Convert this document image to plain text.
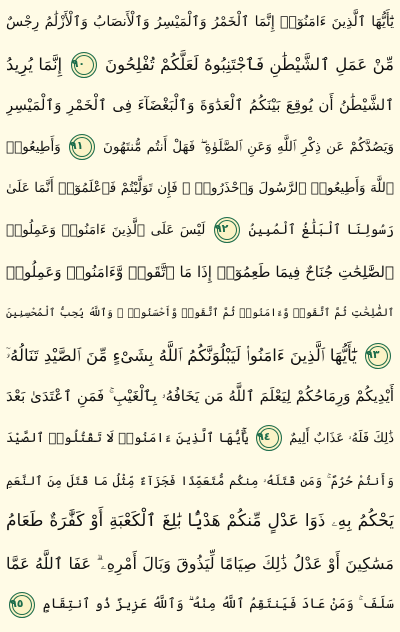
يَٰٓأَيُّهَا ٱلَّذِينَ ءَامَنُوٓا۟ إِنَّمَا ٱلْخَمْرُ وَٱلْمَيْسِرُ وَٱلْأَنصَابُ وَٱلْأَزْلَٰمُ رِجْسٌ
مِّنْ عَمَلِ ٱلشَّيْطَٰنِ فَٱجْتَنِبُوهُ لَعَلَّكُمْ تُفْلِحُونَ ٩٠ إِنَّمَا يُرِيدُ
ٱلشَّيْطَٰنُ أَن يُوقِعَ بَيْنَكُمُ ٱلْعَدَٰوَةَ وَٱلْبَغْضَآءَ فِى ٱلْخَمْرِ وَٱلْمَيْسِرِ
وَيَصُدَّكُمْ عَن ذِكْرِ ٱللَّهِ وَعَنِ ٱلصَّلَوٰةِ ۖ فَهَلْ أَنتُم مُّنتَهُونَ ٩١ وَأَطِيعُوا۟
ٱللَّهَ وَأَطِيعُوا۟ ٱلرَّسُولَ وَٱحْذَرُوا۟ ۚ فَإِن تَوَلَّيْتُمْ فَٱعْلَمُوٓا۟ أَنَّمَا عَلَىٰ
رَسُولِنَا ٱلْبَلَٰغُ ٱلْمُبِينُ ٩٢ لَيْسَ عَلَى ٱلَّذِينَ ءَامَنُوا۟ وَعَمِلُوا۟
ٱلصَّٰلِحَٰتِ جُنَاحٌ فِيمَا طَعِمُوٓا۟ إِذَا مَا ٱتَّقَوا۟ وَّءَامَنُوا۟ وَعَمِلُوا۟
ٱلصَّٰلِحَٰتِ ثُمَّ ٱتَّقَوا۟ وَّءَامَنُوا۟ ثُمَّ ٱتَّقَوا۟ وَّأَحْسَنُوا۟ ۗ وَٱللَّهُ يُحِبُّ ٱلْمُحْسِنِينَ
٩٣ يَٰٓأَيُّهَا ٱلَّذِينَ ءَامَنُوا۟ لَيَبْلُوَنَّكُمُ ٱللَّهُ بِشَىْءٍ مِّنَ ٱلصَّيْدِ تَنَالُهُۥٓ
أَيْدِيكُمْ وَرِمَاحُكُمْ لِيَعْلَمَ ٱللَّهُ مَن يَخَافُهُۥ بِٱلْغَيْبِ ۚ فَمَنِ ٱعْتَدَىٰ بَعْدَ
ذَٰلِكَ فَلَهُۥ عَذَابٌ أَلِيمٌ ٩٤ يَٰٓأَيُّهَا ٱلَّذِينَ ءَامَنُوا۟ لَا تَقْتُلُوا۟ ٱلصَّيْدَ
وَأَنتُمْ حُرُمٌ ۚ وَمَن قَتَلَهُۥ مِنكُم مُّتَعَمِّدًا فَجَزَآءٌ مِّثْلُ مَا قَتَلَ مِنَ ٱلنَّعَمِ
يَحْكُمُ بِهِۦ ذَوَا عَدْلٍ مِّنكُمْ هَدْيًۢا بَٰلِغَ ٱلْكَعْبَةِ أَوْ كَفَّٰرَةٌ طَعَامُ
مَسَٰكِينَ أَوْ عَدْلُ ذَٰلِكَ صِيَامًا لِّيَذُوقَ وَبَالَ أَمْرِهِۦ ۗ عَفَا ٱللَّهُ عَمَّا
سَلَفَ ۚ وَمَنْ عَادَ فَيَنتَقِمُ ٱللَّهُ مِنْهُ ۗ وَٱللَّهُ عَزِيزٌ ذُو ٱنتِقَامٍ ٩٥
